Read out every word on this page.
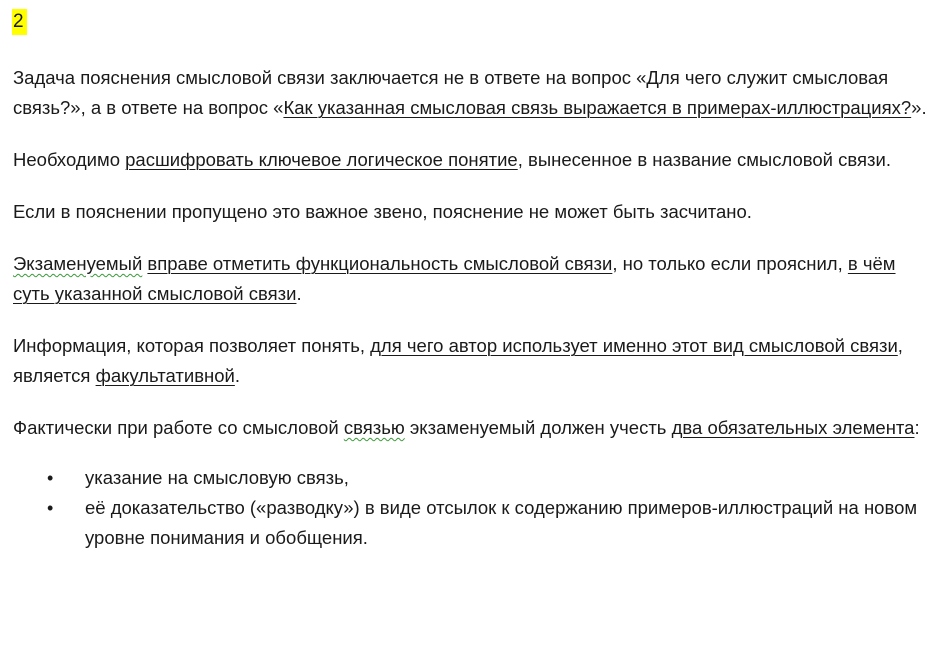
2

Задача пояснения смысловой связи заключается не в ответе на вопрос «Для чего служит смысловая связь?», а в ответе на вопрос «Как указанная смысловая связь выражается в примерах-иллюстрациях?».

Необходимо расшифровать ключевое логическое понятие, вынесенное в название смысловой связи.

Если в пояснении пропущено это важное звено, пояснение не может быть засчитано.

Экзаменуемый вправе отметить функциональность смысловой связи, но только если прояснил, в чём суть указанной смысловой связи.

Информация, которая позволяет понять, для чего автор использует именно этот вид смысловой связи, является факультативной.

Фактически при работе со смысловой связью экзаменуемый должен учесть два обязательных элемента:

• указание на смысловую связь,
• её доказательство («разводку») в виде отсылок к содержанию примеров-иллюстраций на новом уровне понимания и обобщения.
